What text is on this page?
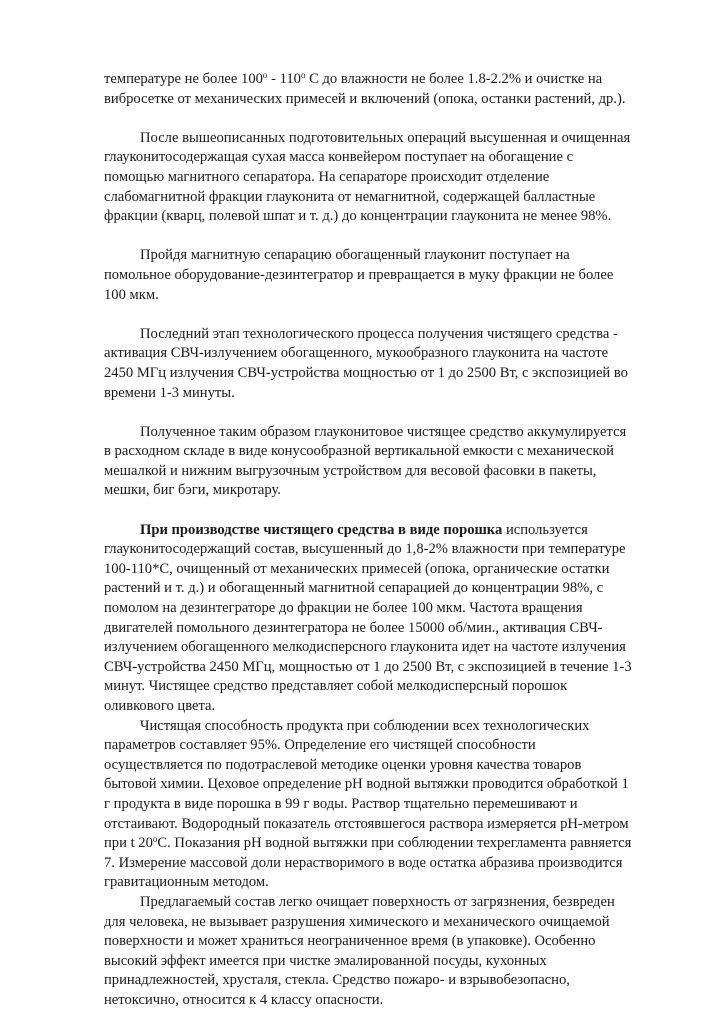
температуре не более $100^о - 110^о$ С до влажности не более 1.8-2.2% и очистке на вибросетке от механических примесей и включений (опока, останки растений, др.).

После вышеописанных подготовительных операций высушенная и очищенная глауконитосодержащая сухая масса конвейером поступает на обогащение с помощью магнитного сепаратора. На сепараторе происходит отделение слабомагнитной фракции глауконита от немагнитной, содержащей балластные фракции (кварц, полевой шпат и т. д.) до концентрации глауконита не менее 98%.

Пройдя магнитную сепарацию обогащенный глауконит поступает на помольное оборудование-дезинтегратор и превращается в муку фракции не более 100 мкм.

Последний этап технологического процесса получения чистящего средства - активация СВЧ-излучением обогащенного, мукообразного глауконита на частоте 2450 МГц излучения СВЧ-устройства мощностью от 1 до 2500 Вт, с экспозицией во времени 1-3 минуты.

Полученное таким образом глауконитовое чистящее средство аккумулируется в расходном складе в виде конусообразной вертикальной емкости с механической мешалкой и нижним выгрузочным устройством для весовой фасовки в пакеты, мешки, биг бэги, микротару.

При производстве чистящего средства в виде порошка используется глауконитосодержащий состав, высушенный до 1,8-2% влажности при температуре 100-110*С, очищенный от механических примесей (опока, органические остатки растений и т. д.) и обогащенный магнитной сепарацией до концентрации 98%, с помолом на дезинтеграторе до фракции не более 100 мкм. Частота вращения двигателей помольного дезинтегратора не более 15000 об/мин., активация СВЧ-излучением обогащенного мелкодисперсного глауконита идет на частоте излучения СВЧ-устройства 2450 МГц, мощностью от 1 до 2500 Вт, с экспозицией в течение 1-3 минут. Чистящее средство представляет собой мелкодисперсный порошок оливкового цвета.

Чистящая способность продукта при соблюдении всех технологических параметров составляет 95%. Определение его чистящей способности осуществляется по подотраслевой методике оценки уровня качества товаров бытовой химии. Цеховое определение рН водной вытяжки проводится обработкой 1 г продукта в виде порошка в 99 г воды. Раствор тщательно перемешивают и отстаивают. Водородный показатель отстоявшегося раствора измеряется рН-метром при t $20^оС$. Показания рН водной вытяжки при соблюдении техрегламента равняется 7. Измерение массовой доли нерастворимого в воде остатка абразива производится гравитационным методом.

Предлагаемый состав легко очищает поверхность от загрязнения, безвреден для человека, не вызывает разрушения химического и механического очищаемой поверхности и может храниться неограниченное время (в упаковке). Особенно высокий эффект имеется при чистке эмалированной посуды, кухонных принадлежностей, хрусталя, стекла. Средство пожаро- и взрывобезопасно, нетоксично, относится к 4 классу опасности.
